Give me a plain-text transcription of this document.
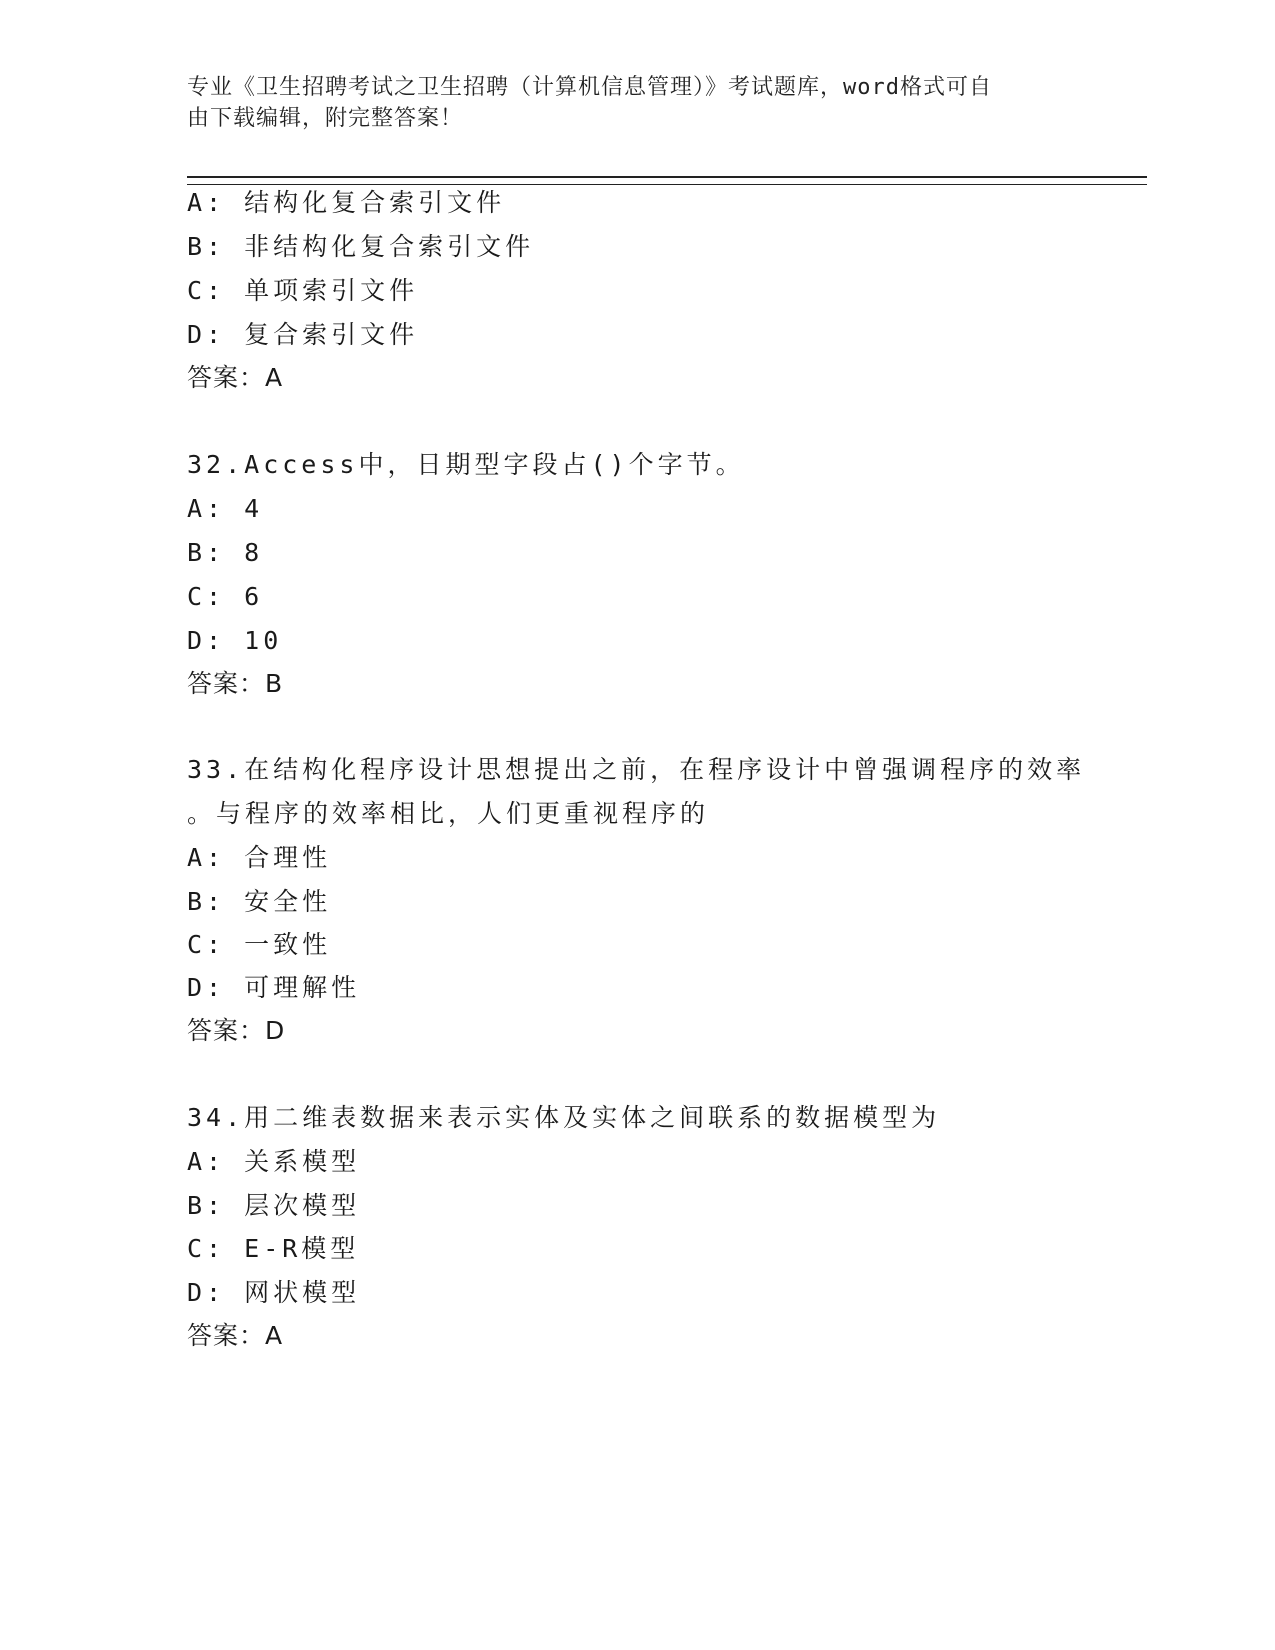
专业《卫生招聘考试之卫生招聘（计算机信息管理）》考试题库，word格式可自
由下载编辑，附完整答案！
A: 结构化复合索引文件
B: 非结构化复合索引文件
C: 单项索引文件
D: 复合索引文件
答案：A
32.Access中，日期型字段占()个字节。
A: 4
B: 8
C: 6
D: 10
答案：B
33.在结构化程序设计思想提出之前，在程序设计中曾强调程序的效率
。与程序的效率相比，人们更重视程序的
A: 合理性
B: 安全性
C: 一致性
D: 可理解性
答案：D
34.用二维表数据来表示实体及实体之间联系的数据模型为
A: 关系模型
B: 层次模型
C: E-R模型
D: 网状模型
答案：A
